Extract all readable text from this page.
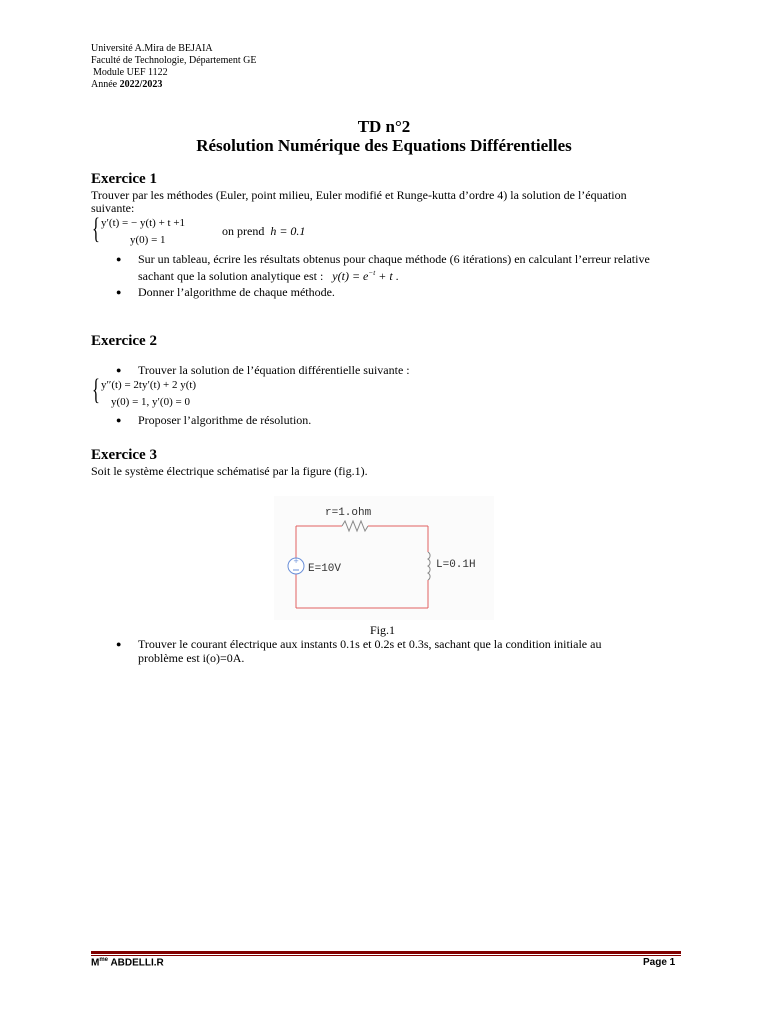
Université A.Mira de BEJAIA
Faculté de Technologie, Département GE
Module UEF 1122
Année 2022/2023
TD n°2
Résolution Numérique des Equations Différentielles
Exercice 1
Trouver par les méthodes (Euler, point milieu, Euler modifié et Runge-kutta d’ordre 4) la solution de l’équation
suivante:
{ y′(t) = − y(t) + t +1
y(0) = 1
on prend h = 0.1
● Sur un tableau, écrire les résultats obtenus pour chaque méthode (6 itérations) en calculant l’erreur relative
sachant que la solution analytique est : $y(t) = e^{-t} + t$ .
● Donner l’algorithme de chaque méthode.
Exercice 2
● Trouver la solution de l’équation différentielle suivante :
{ y′′(t) = 2ty′(t) + 2 y(t)
y(0) = 1, y′(0) = 0
● Proposer l’algorithme de résolution.
Exercice 3
Soit le système électrique schématisé par la figure (fig.1).
+
r=1.ohm
E=10V	L=0.1H
Fig.1
● Trouver le courant électrique aux instants 0.1s et 0.2s et 0.3s, sachant que la condition initiale au
problème est i(o)=0A.
$M^{me}$ ABDELLI.R	Page 1
